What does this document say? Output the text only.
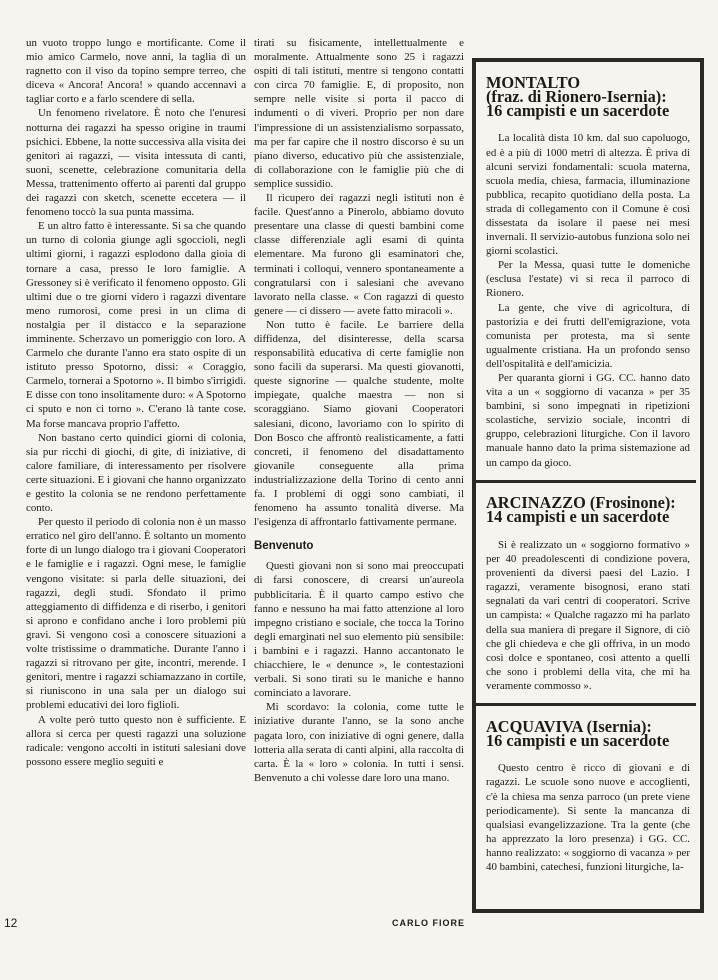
un vuoto troppo lungo e mortificante. Come il mio amico Carmelo, nove anni, la taglia di un ragnetto con il viso da topino sempre terreo, che diceva « Ancora! Ancora! » quando accennavi a tagliar corto e a farlo scendere di sella.

Un fenomeno rivelatore. È noto che l'enuresi notturna dei ragazzi ha spesso origine in traumi psichici. Ebbene, la notte successiva alla visita dei genitori ai ragazzi, — visita intessuta di canti, suoni, scenette, celebrazione comunitaria della Messa, trattenimento offerto ai parenti dal gruppo dei ragazzi con sketch, scenette eccetera — il fenomeno toccò la sua punta massima.

E un altro fatto è interessante. Si sa che quando un turno di colonia giunge agli sgoccioli, negli ultimi giorni, i ragazzi esplodono dalla gioia di tornare a casa, presso le loro famiglie. A Gressoney si è verificato il fenomeno opposto. Gli ultimi due o tre giorni videro i ragazzi diventare meno rumorosi, come presi in un clima di nostalgia per il distacco e la separazione imminente. Scherzavo un pomeriggio con loro. A Carmelo che durante l'anno era stato ospite di un istituto presso Spotorno, dissi: « Coraggio, Carmelo, tornerai a Spotorno ». Il bimbo s'irrigidì. E disse con tono insolitamente duro: « A Spotorno ci sputo e non ci torno ». C'erano là tante cose. Ma forse mancava proprio l'affetto.

Non bastano certo quindici giorni di colonia, sia pur ricchi di giochi, di gite, di iniziative, di calore familiare, di interessamento per risolvere certe situazioni. E i giovani che hanno organizzato e gestito la colonia se ne rendono perfettamente conto.

Per questo il periodo di colonia non è un masso erratico nel giro dell'anno. È soltanto un momento forte di un lungo dialogo tra i giovani Cooperatori e le famiglie e i ragazzi. Ogni mese, le famiglie vengono visitate: si parla delle situazioni, dei ragazzi, degli studi. Sfondato il primo atteggiamento di diffidenza e di riserbo, i genitori si aprono e confidano anche i loro problemi più gravi. Si vengono così a conoscere situazioni a volte tristissime o drammatiche. Durante l'anno i ragazzi si ritrovano per gite, incontri, merende. I genitori, mentre i ragazzi schiamazzano in cortile, si riuniscono in una sala per un dialogo sui problemi educativi dei loro figlioli.

A volte però tutto questo non è sufficiente. E allora si cerca per questi ragazzi una soluzione radicale: vengono accolti in istituti salesiani dove possono essere meglio seguiti e

tirati su fisicamente, intellettualmente e moralmente. Attualmente sono 25 i ragazzi ospiti di tali istituti, mentre si tengono contatti con circa 70 famiglie. E, di proposito, non sempre nelle visite si porta il pacco di indumenti o di viveri. Proprio per non dare l'impressione di un assistenzialismo sorpassato, ma per far capire che il nostro discorso è su un piano diverso, educativo più che assistenziale, di collaborazione con le famiglie più che di semplice sussidio.

Il ricupero dei ragazzi negli istituti non è facile. Quest'anno a Pinerolo, abbiamo dovuto presentare una classe di questi bambini come classe differenziale agli esami di quinta elementare. Ma furono gli esaminatori che, terminati i colloqui, vennero spontaneamente a congratularsi con i salesiani che avevano lavorato nella classe. « Con ragazzi di questo genere — ci dissero — avete fatto miracoli ».

Non tutto è facile. Le barriere della diffidenza, del disinteresse, della scarsa responsabilità educativa di certe famiglie non sono facili da superarsi. Ma questi giovanotti, queste signorine — qualche studente, molte impiegate, qualche maestra — non si scoraggiano. Siamo giovani Cooperatori salesiani, dicono, lavoriamo con lo spirito di Don Bosco che affrontò realisticamente, a fatti concreti, il fenomeno del disadattamento giovanile conseguente alla prima industrializzazione della Torino di cento anni fa. I problemi di oggi sono cambiati, il fenomeno ha assunto tonalità diverse. Ma l'esigenza di affrontarlo fattivamente permane.

Benvenuto

Questi giovani non si sono mai preoccupati di farsi conoscere, di crearsi un'aureola pubblicitaria. È il quarto campo estivo che fanno e nessuno ha mai fatto attenzione al loro impegno cristiano e sociale, che tocca la Torino degli emarginati nel suo elemento più sensibile: i bambini e i ragazzi. Hanno accantonato le chiacchiere, le « denunce », le contestazioni verbali. Si sono tirati su le maniche e hanno cominciato a lavorare.

Mi scordavo: la colonia, come tutte le iniziative durante l'anno, se la sono anche pagata loro, con iniziative di ogni genere, dalla lotteria alla serata di canti alpini, alla raccolta di carta. È la « loro » colonia. In tutti i sensi. Benvenuto a chi volesse dare loro una mano.

MONTALTO
(fraz. di Rionero-Isernia):
16 campisti e un sacerdote

La località dista 10 km. dal suo capoluogo, ed è a più di 1000 metri di altezza. È priva di alcuni servizi fondamentali: scuola materna, scuola media, chiesa, farmacia, illuminazione pubblica, recapito quotidiano della posta. La strada di collegamento con il Comune è così dissestata da isolare il paese nei mesi invernali. Il servizio-autobus funziona solo nei giorni scolastici.

Per la Messa, quasi tutte le domeniche (esclusa l'estate) vi si reca il parroco di Rionero.

La gente, che vive di agricoltura, di pastorizia e dei frutti dell'emigrazione, vota comunista per protesta, ma si sente ugualmente cristiana. Ha un profondo senso dell'ospitalità e dell'amicizia.

Per quaranta giorni i GG. CC. hanno dato vita a un « soggiorno di vacanza » per 35 bambini, si sono impegnati in ripetizioni scolastiche, servizio sociale, incontri di gruppo, celebrazioni liturgiche. Con il lavoro manuale hanno dato la prima sistemazione ad un campo da gioco.

ARCINAZZO (Frosinone):
14 campisti e un sacerdote

Si è realizzato un « soggiorno formativo » per 40 preadolescenti di condizione povera, provenienti da diversi paesi del Lazio. I ragazzi, veramente bisognosi, erano stati segnalati da vari centri di cooperatori. Scrive un campista: « Qualche ragazzo mi ha parlato della sua maniera di pregare il Signore, di ciò che gli chiedeva e che gli offriva, in un modo così dolce e spontaneo, così attento a quelli che sono i problemi della vita, che mi ha veramente commosso ».

ACQUAVIVA (Isernia):
16 campisti e un sacerdote

Questo centro è ricco di giovani e di ragazzi. Le scuole sono nuove e accoglienti, c'è la chiesa ma senza parroco (un prete viene periodicamente). Si sente la mancanza di qualsiasi evangelizzazione. Tra la gente (che ha apprezzato la loro presenza) i GG. CC. hanno realizzato: « soggiorno di vacanza » per 40 bambini, catechesi, funzioni liturgiche, la-

12	CARLO FIORE
